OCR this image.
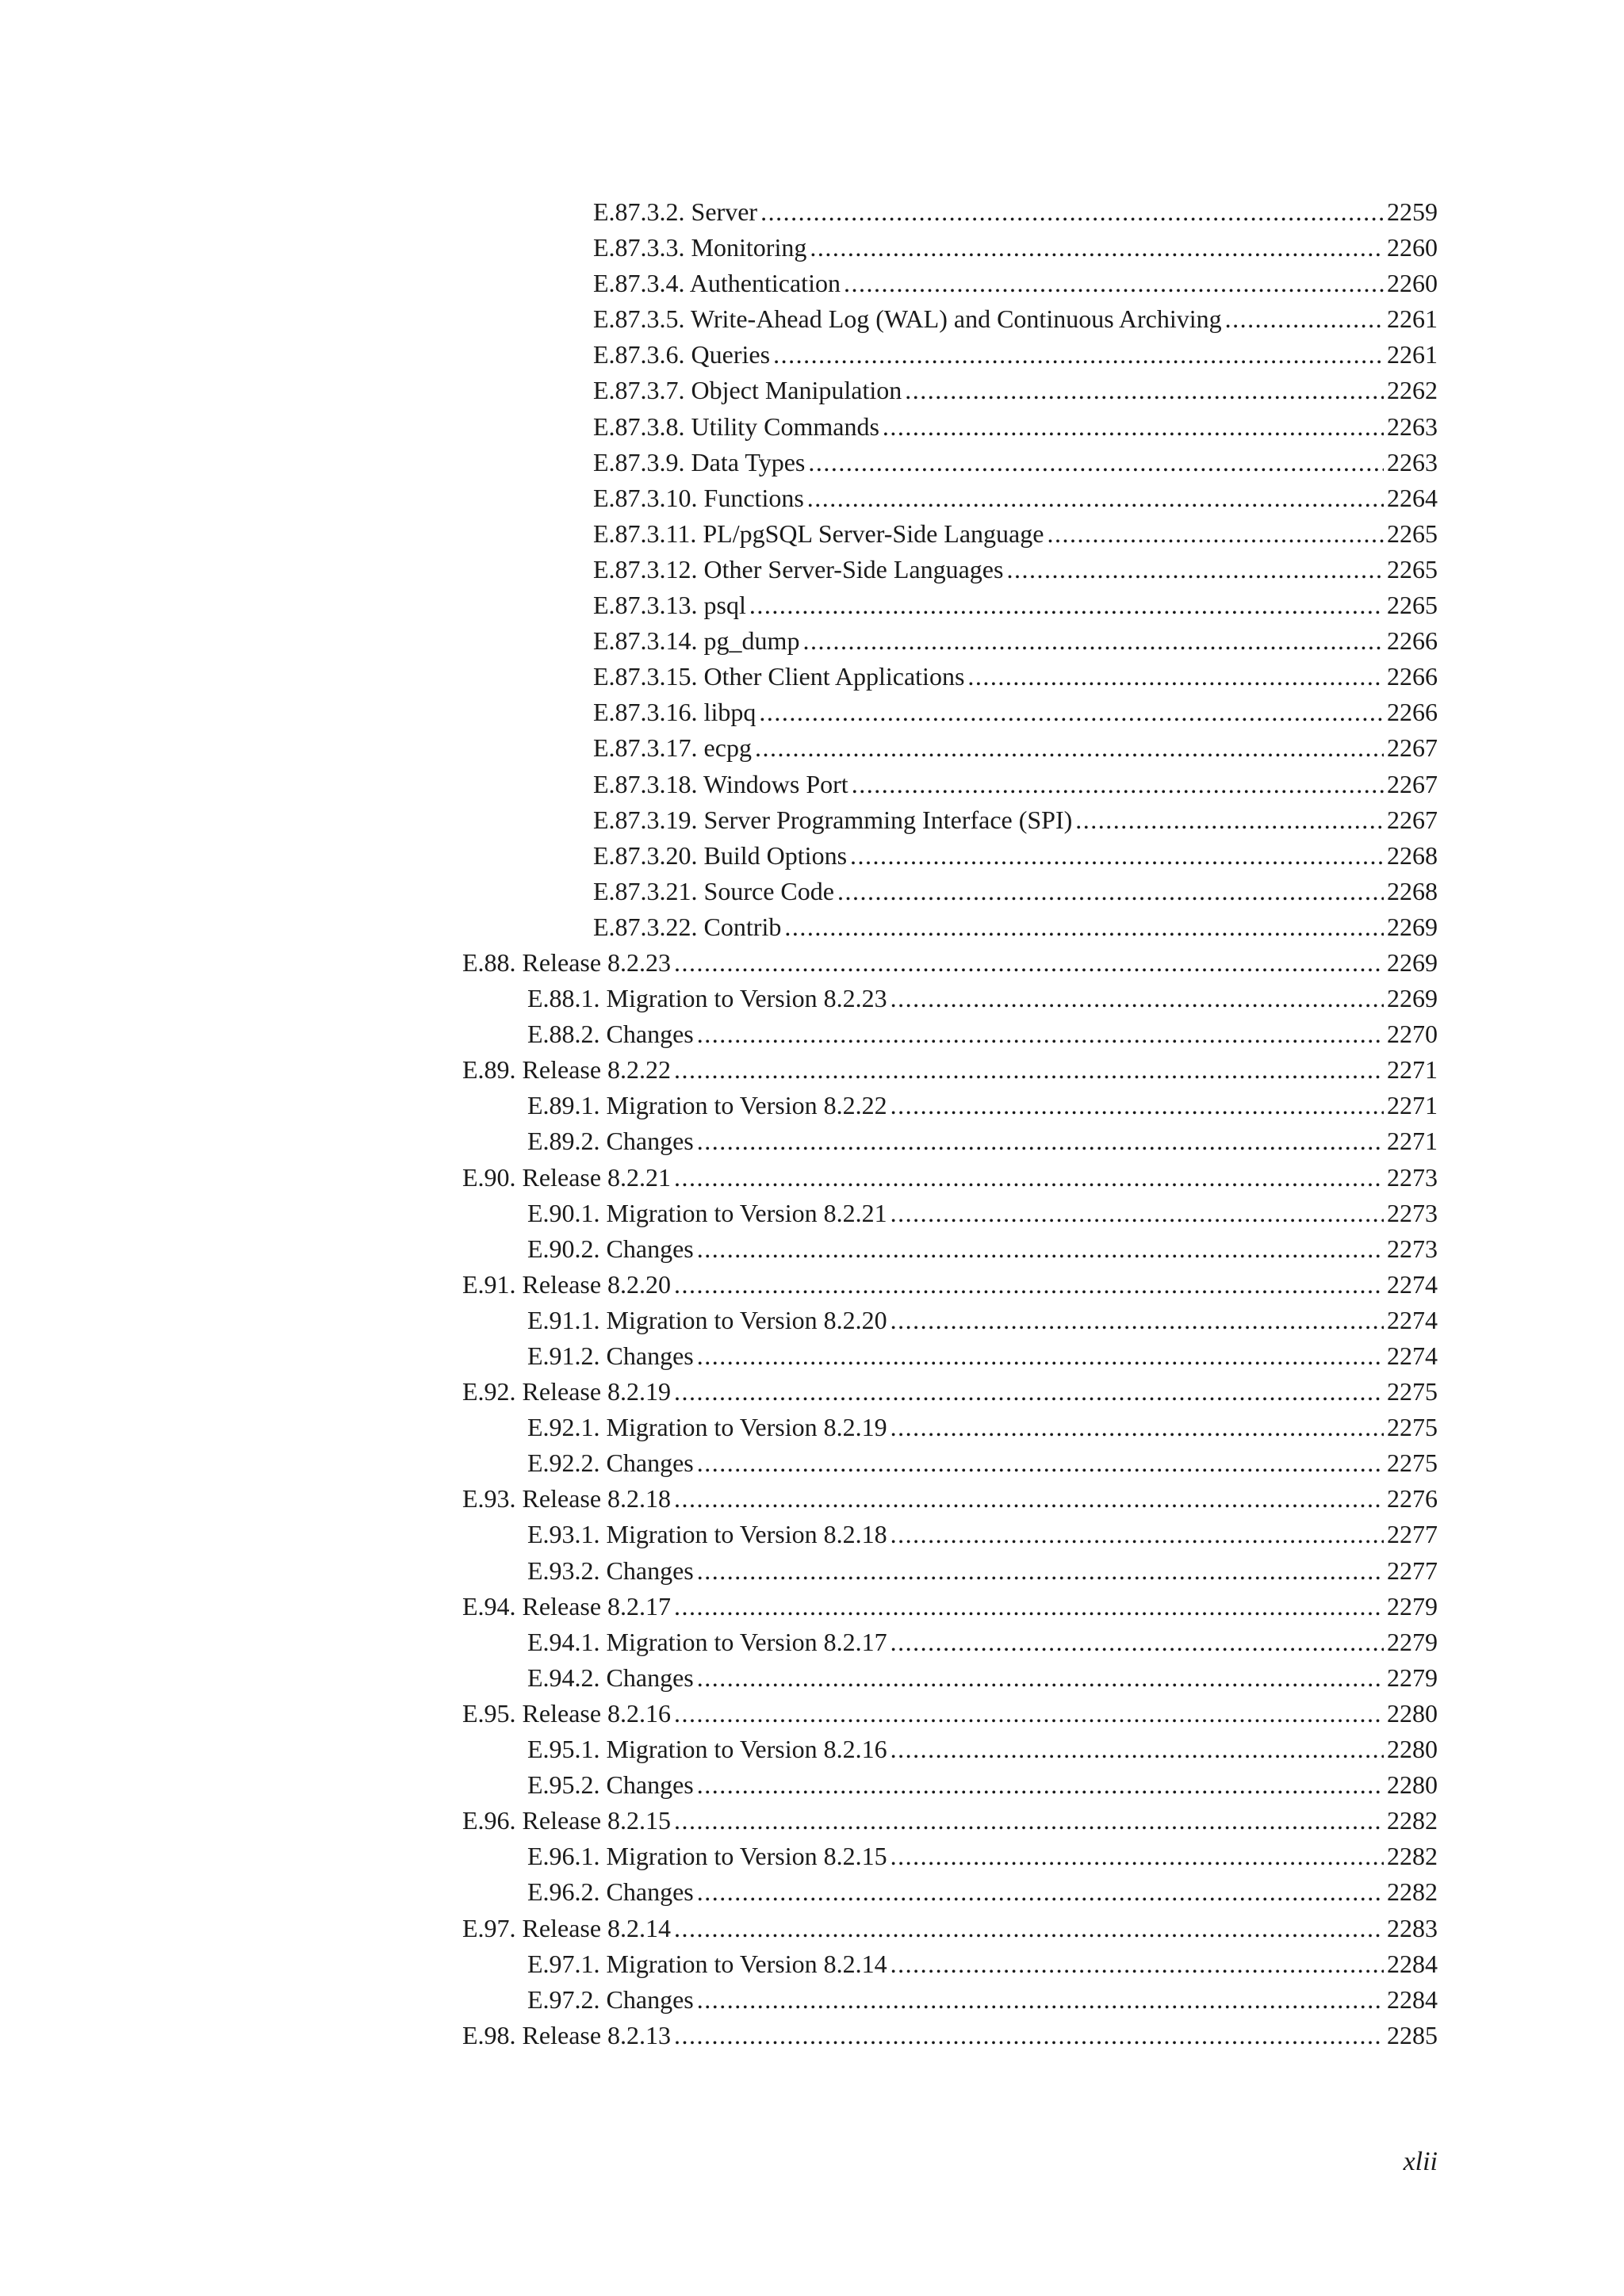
E.87.3.2. Server .....	2259
E.87.3.3. Monitoring .....	2260
E.87.3.4. Authentication .....	2260
E.87.3.5. Write-Ahead Log (WAL) and Continuous Archiving .....	2261
E.87.3.6. Queries .....	2261
E.87.3.7. Object Manipulation .....	2262
E.87.3.8. Utility Commands .....	2263
E.87.3.9. Data Types .....	2263
E.87.3.10. Functions .....	2264
E.87.3.11. PL/pgSQL Server-Side Language .....	2265
E.87.3.12. Other Server-Side Languages .....	2265
E.87.3.13. psql .....	2265
E.87.3.14. pg_dump .....	2266
E.87.3.15. Other Client Applications .....	2266
E.87.3.16. libpq .....	2266
E.87.3.17. ecpg .....	2267
E.87.3.18. Windows Port .....	2267
E.87.3.19. Server Programming Interface (SPI) .....	2267
E.87.3.20. Build Options .....	2268
E.87.3.21. Source Code .....	2268
E.87.3.22. Contrib .....	2269
E.88. Release 8.2.23 .....	2269
E.88.1. Migration to Version 8.2.23 .....	2269
E.88.2. Changes .....	2270
E.89. Release 8.2.22 .....	2271
E.89.1. Migration to Version 8.2.22 .....	2271
E.89.2. Changes .....	2271
E.90. Release 8.2.21 .....	2273
E.90.1. Migration to Version 8.2.21 .....	2273
E.90.2. Changes .....	2273
E.91. Release 8.2.20 .....	2274
E.91.1. Migration to Version 8.2.20 .....	2274
E.91.2. Changes .....	2274
E.92. Release 8.2.19 .....	2275
E.92.1. Migration to Version 8.2.19 .....	2275
E.92.2. Changes .....	2275
E.93. Release 8.2.18 .....	2276
E.93.1. Migration to Version 8.2.18 .....	2277
E.93.2. Changes .....	2277
E.94. Release 8.2.17 .....	2279
E.94.1. Migration to Version 8.2.17 .....	2279
E.94.2. Changes .....	2279
E.95. Release 8.2.16 .....	2280
E.95.1. Migration to Version 8.2.16 .....	2280
E.95.2. Changes .....	2280
E.96. Release 8.2.15 .....	2282
E.96.1. Migration to Version 8.2.15 .....	2282
E.96.2. Changes .....	2282
E.97. Release 8.2.14 .....	2283
E.97.1. Migration to Version 8.2.14 .....	2284
E.97.2. Changes .....	2284
E.98. Release 8.2.13 .....	2285
xlii
